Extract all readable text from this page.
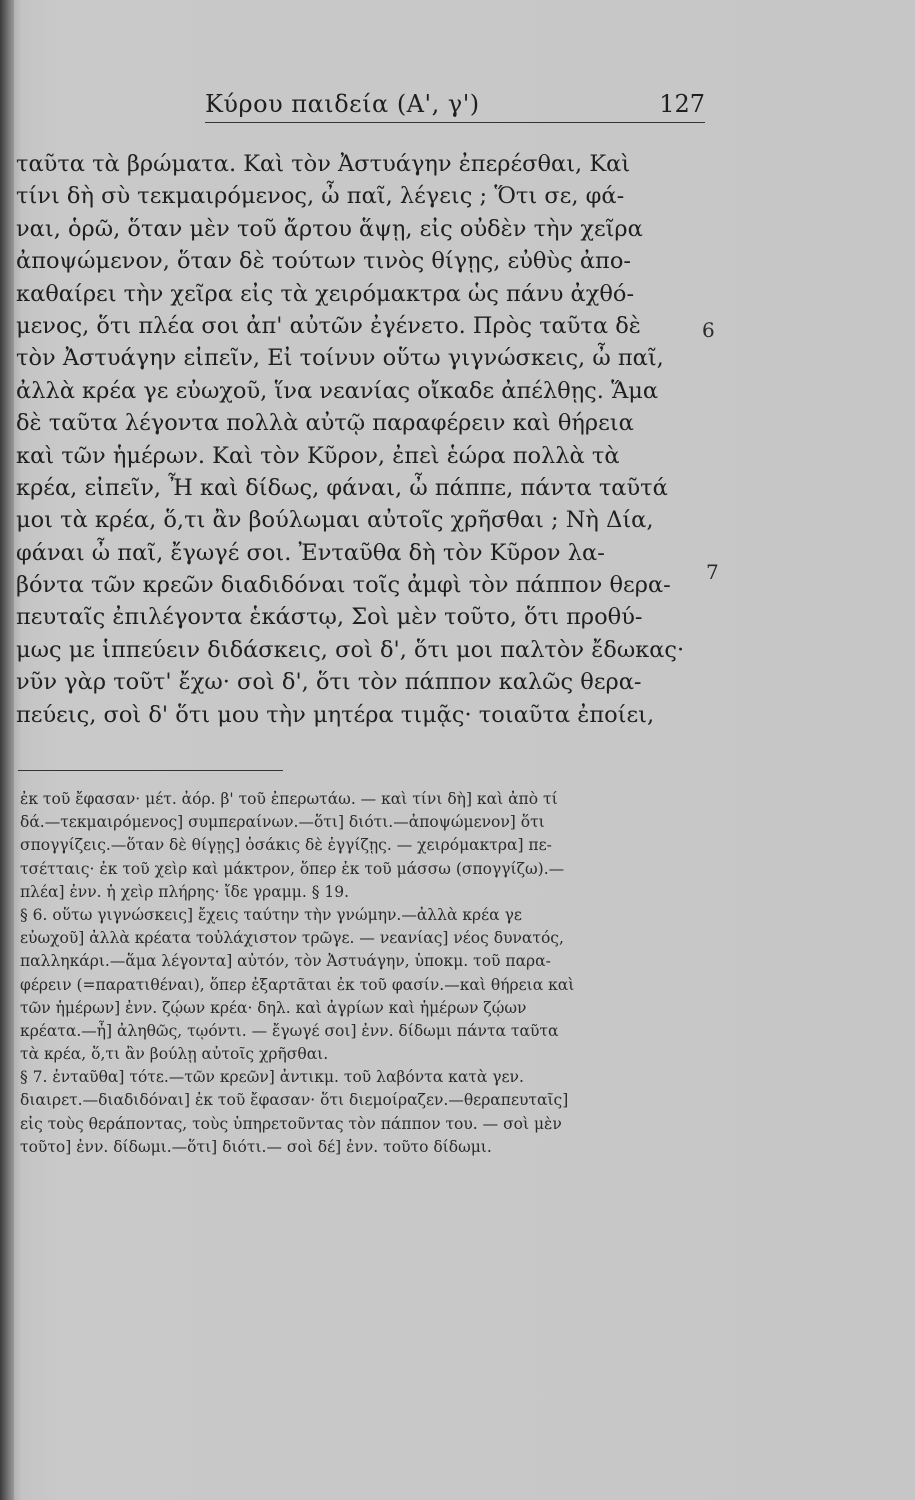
Κύρου παιδεία (Α', γ')	127
ταῦτα τὰ βρώματα. Καὶ τὸν Ἀστυάγην ἐπερέσθαι, Καὶ
τίνι δὴ σὺ τεκμαιρόμενος, ὦ παῖ, λέγεις ; Ὅτι σε, φά-
ναι, ὁρῶ, ὅταν μὲν τοῦ ἄρτου ἅψῃ, εἰς οὐδὲν τὴν χεῖρα
ἀποψώμενον, ὅταν δὲ τούτων τινὸς θίγῃς, εὐθὺς ἀπο-
καθαίρει τὴν χεῖρα εἰς τὰ χειρόμακτρα ὡς πάνυ ἀχθό-
μενος, ὅτι πλέα σοι ἀπ' αὐτῶν ἐγένετο. Πρὸς ταῦτα δὲ
τὸν Ἀστυάγην εἰπεῖν, Εἰ τοίνυν οὕτω γιγνώσκεις, ὦ παῖ,
ἀλλὰ κρέα γε εὐωχοῦ, ἵνα νεανίας οἴκαδε ἀπέλθῃς. Ἅμα
δὲ ταῦτα λέγοντα πολλὰ αὐτῷ παραφέρειν καὶ θήρεια
καὶ τῶν ἡμέρων. Καὶ τὸν Κῦρον, ἐπεὶ ἑώρα πολλὰ τὰ
κρέα, εἰπεῖν, Ἦ καὶ δίδως, φάναι, ὦ πάππε, πάντα ταῦτά
μοι τὰ κρέα, ὅ,τι ἂν βούλωμαι αὐτοῖς χρῆσθαι ; Νὴ Δία,
φάναι ὦ παῖ, ἔγωγέ σοι. Ἐνταῦθα δὴ τὸν Κῦρον λα-
βόντα τῶν κρεῶν διαδιδόναι τοῖς ἀμφὶ τὸν πάππον θερα-
πευταῖς ἐπιλέγοντα ἑκάστῳ, Σοὶ μὲν τοῦτο, ὅτι προθύ-
μως με ἱππεύειν διδάσκεις, σοὶ δ', ὅτι μοι παλτὸν ἔδωκας·
νῦν γὰρ τοῦτ' ἔχω· σοὶ δ', ὅτι τὸν πάππον καλῶς θερα-
πεύεις, σοὶ δ' ὅτι μου τὴν μητέρα τιμᾷς· τοιαῦτα ἐποίει,
6
7
ἐκ τοῦ ἔφασαν· μέτ. ἀόρ. β' τοῦ ἐπερωτάω. — καὶ τίνι δὴ] καὶ ἀπὸ τί
δά.—τεκμαιρόμενος] συμπεραίνων.—ὅτι] διότι.—ἀποψώμενον] ὅτι
σπογγίζεις.—ὅταν δὲ θίγῃς] ὁσάκις δὲ ἐγγίζῃς. — χειρόμακτρα] πε-
τσέτταις· ἐκ τοῦ χεὶρ καὶ μάκτρον, ὅπερ ἐκ τοῦ μάσσω (σπογγίζω).—
πλέα] ἐνν. ἡ χεὶρ πλήρης· ἴδε γραμμ. § 19.
§ 6. οὕτω γιγνώσκεις] ἔχεις ταύτην τὴν γνώμην.—ἀλλὰ κρέα γε
εὐωχοῦ] ἀλλὰ κρέατα τοὐλάχιστον τρῶγε. — νεανίας] νέος δυνατός,
παλληκάρι.—ἅμα λέγοντα] αὐτόν, τὸν Ἀστυάγην, ὑποκμ. τοῦ παρα-
φέρειν (=παρατιθέναι), ὅπερ ἐξαρτᾶται ἐκ τοῦ φασίν.—καὶ θήρεια καὶ
τῶν ἡμέρων] ἐνν. ζῴων κρέα· δηλ. καὶ ἀγρίων καὶ ἡμέρων ζῴων
κρέατα.—ἦ] ἀληθῶς, τῳόντι. — ἔγωγέ σοι] ἐνν. δίδωμι πάντα ταῦτα
τὰ κρέα, ὅ,τι ἂν βούλῃ αὐτοῖς χρῆσθαι.
§ 7. ἐνταῦθα] τότε.—τῶν κρεῶν] ἀντικμ. τοῦ λαβόντα κατὰ γεν.
διαιρετ.—διαδιδόναι] ἐκ τοῦ ἔφασαν· ὅτι διεμοίραζεν.—θεραπευταῖς]
εἰς τοὺς θεράποντας, τοὺς ὑπηρετοῦντας τὸν πάππον του. — σοὶ μὲν
τοῦτο] ἐνν. δίδωμι.—ὅτι] διότι.— σοὶ δέ] ἐνν. τοῦτο δίδωμι.
